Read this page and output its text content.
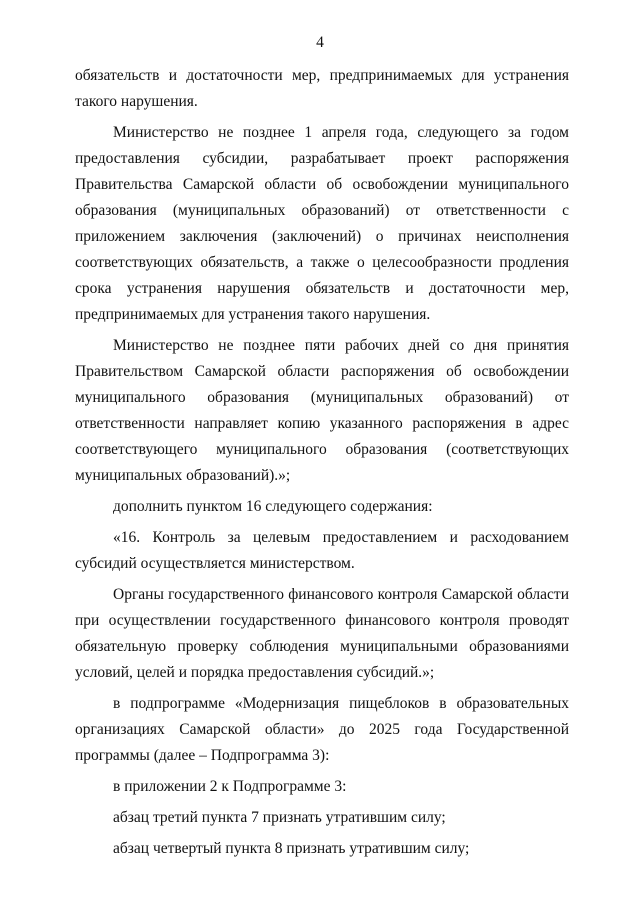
4

обязательств и достаточности мер, предпринимаемых для устранения такого нарушения.

Министерство не позднее 1 апреля года, следующего за годом предоставления субсидии, разрабатывает проект распоряжения Правительства Самарской области об освобождении муниципального образования (муниципальных образований) от ответственности с приложением заключения (заключений) о причинах неисполнения соответствующих обязательств, а также о целесообразности продления срока устранения нарушения обязательств и достаточности мер, предпринимаемых для устранения такого нарушения.

Министерство не позднее пяти рабочих дней со дня принятия Правительством Самарской области распоряжения об освобождении муниципального образования (муниципальных образований) от ответственности направляет копию указанного распоряжения в адрес соответствующего муниципального образования (соответствующих муниципальных образований).»;

дополнить пунктом 16 следующего содержания:

«16. Контроль за целевым предоставлением и расходованием субсидий осуществляется министерством.

Органы государственного финансового контроля Самарской области при осуществлении государственного финансового контроля проводят обязательную проверку соблюдения муниципальными образованиями условий, целей и порядка предоставления субсидий.»;

в подпрограмме «Модернизация пищеблоков в образовательных организациях Самарской области» до 2025 года Государственной программы (далее – Подпрограмма 3):

в приложении 2 к Подпрограмме 3:

абзац третий пункта 7 признать утратившим силу;

абзац четвертый пункта 8 признать утратившим силу;
